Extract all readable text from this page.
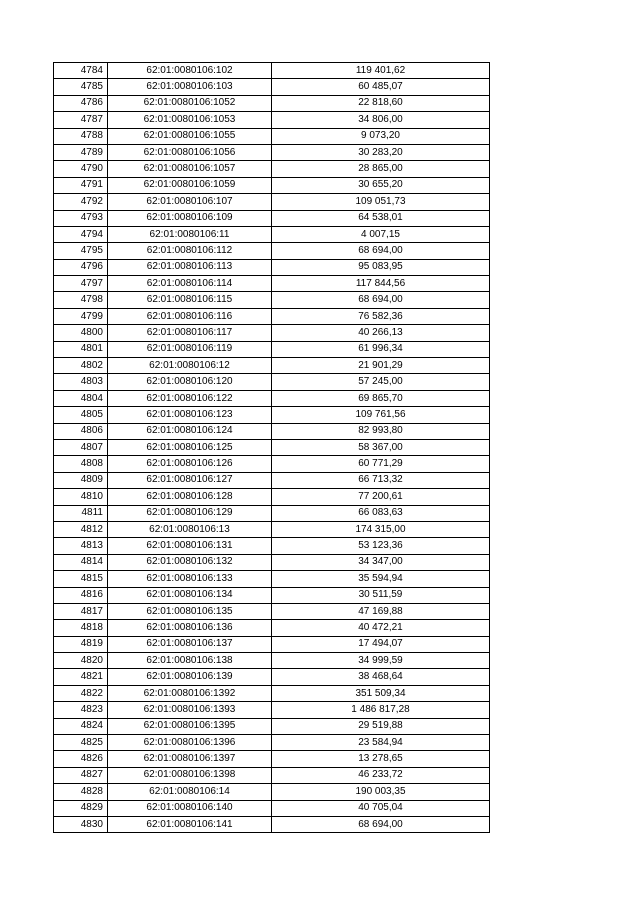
4784	62:01:0080106:102	119 401,62
4785	62:01:0080106:103	60 485,07
4786	62:01:0080106:1052	22 818,60
4787	62:01:0080106:1053	34 806,00
4788	62:01:0080106:1055	9 073,20
4789	62:01:0080106:1056	30 283,20
4790	62:01:0080106:1057	28 865,00
4791	62:01:0080106:1059	30 655,20
4792	62:01:0080106:107	109 051,73
4793	62:01:0080106:109	64 538,01
4794	62:01:0080106:11	4 007,15
4795	62:01:0080106:112	68 694,00
4796	62:01:0080106:113	95 083,95
4797	62:01:0080106:114	117 844,56
4798	62:01:0080106:115	68 694,00
4799	62:01:0080106:116	76 582,36
4800	62:01:0080106:117	40 266,13
4801	62:01:0080106:119	61 996,34
4802	62:01:0080106:12	21 901,29
4803	62:01:0080106:120	57 245,00
4804	62:01:0080106:122	69 865,70
4805	62:01:0080106:123	109 761,56
4806	62:01:0080106:124	82 993,80
4807	62:01:0080106:125	58 367,00
4808	62:01:0080106:126	60 771,29
4809	62:01:0080106:127	66 713,32
4810	62:01:0080106:128	77 200,61
4811	62:01:0080106:129	66 083,63
4812	62:01:0080106:13	174 315,00
4813	62:01:0080106:131	53 123,36
4814	62:01:0080106:132	34 347,00
4815	62:01:0080106:133	35 594,94
4816	62:01:0080106:134	30 511,59
4817	62:01:0080106:135	47 169,88
4818	62:01:0080106:136	40 472,21
4819	62:01:0080106:137	17 494,07
4820	62:01:0080106:138	34 999,59
4821	62:01:0080106:139	38 468,64
4822	62:01:0080106:1392	351 509,34
4823	62:01:0080106:1393	1 486 817,28
4824	62:01:0080106:1395	29 519,88
4825	62:01:0080106:1396	23 584,94
4826	62:01:0080106:1397	13 278,65
4827	62:01:0080106:1398	46 233,72
4828	62:01:0080106:14	190 003,35
4829	62:01:0080106:140	40 705,04
4830	62:01:0080106:141	68 694,00
